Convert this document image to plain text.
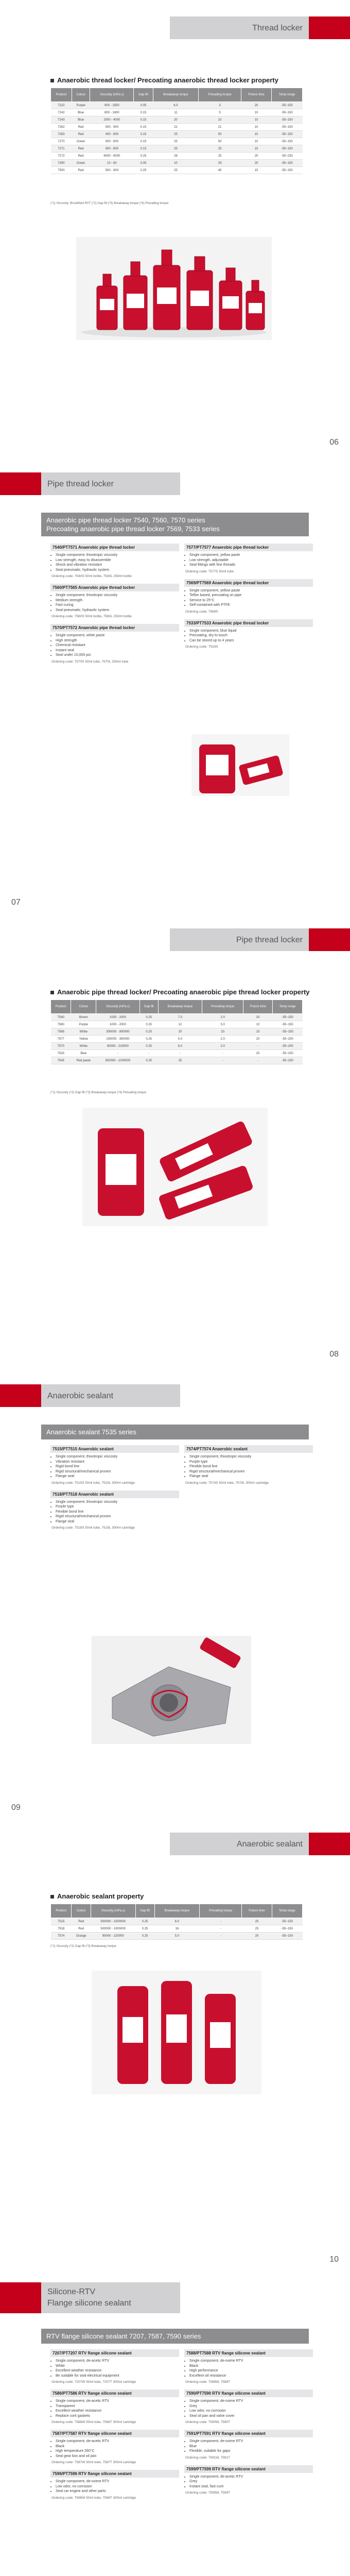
Thread locker
Anaerobic thread locker/ Precoating anaerobic thread locker property
Product	Colour	Viscosity (mPa.s)	Gap fill	Breakaway torque	Prevailing torque	Fixture time	Temp range
7222	Purple	900 - 1500	0.05	6.0	3	20	-55~150
7242	Blue	800 - 1600	0.15	11	5	10	-55~150
7243	Blue	2000 - 4000	0.15	20	10	10	-55~150
7262	Red	500 - 900	0.15	22	21	10	-55~150
7263	Red	400 - 600	0.15	25	50	10	-55~150
7270	Green	500 - 800	0.15	25	50	10	-55~150
7271	Red	500 - 800	0.13	25	25	10	-55~150
7272	Red	6000 - 8000	0.25	26	25	20	-55~230
7290	Green	10 - 60	0.05	10	29	20	-55~150
7500	Red	500 - 900	0.25	25	45	15	-55~150
(*1) Viscosity: Brookfield RVT (*2) Gap fill (*3) Breakaway torque (*4) Prevailing torque
06
Pipe thread locker
Anaerobic pipe thread locker 7540, 7560, 7570 series
Precoating anaerobic pipe thread locker 7569, 7533 series
7540/PT7571 Anaerobic pipe thread locker
• Single component, thixotropic viscosity
• Low strength, easy to disassemble
• Shock and vibration resistant
• Seal pneumatic, hydraulic system
Ordering code: 7540S 50ml bottle, 7540L 250ml bottle
7560/PT7565 Anaerobic pipe thread locker
• Single component, thixotropic viscosity
• Medium strength
• Fast curing
• Seal pneumatic, hydraulic system
Ordering code: 7560S 50ml bottle, 7560L 250ml bottle
7570/PT7572 Anaerobic pipe thread locker
• Single component, white paste
• High strength
• Chemical resistant
• Instant seal
• Seal under 10,000 psi
Ordering code: 7570S 50ml tube, 7570L 250ml tube
7577/PT7577 Anaerobic pipe thread locker
• Single component, yellow paste
• Low strength, adjustable
• Seal fittings with fine threads
Ordering code: 7577S 50ml tube
7569/PT7569 Anaerobic pipe thread locker
• Single component, yellow paste
• Teflon based, precoating on pipe
• Service to 25°C
• Self-contained with PTFE
Ordering code: 7569S
7533/PT7533 Anaerobic pipe thread locker
• Single component, blue liquid
• Precoating, dry to touch
• Can be stored up to 4 years
Ordering code: 7533S
07
Pipe thread locker
Anaerobic pipe thread locker/ Precoating anaerobic pipe thread locker property
Product	Colour	Viscosity (mPa.s)	Gap fill	Breakaway torque	Prevailing torque	Fixture time	Temp range
7540	Brown	1000 - 2000	0.25	7.0	2.0	20	-55~150
7560	Purple	1000 - 2000	0.25	12	5.0	10	-55~150
7569	White	300000 - 900000	0.25	20	20	15	-55~150
7577	Yellow	150000 - 350000	0.25	5.0	2.0	20	-55~200
7570	White	90000 - 220000	0.25	6.0	2.0	-	-55~200
7533	Blue	-	-	-	-	20	-55~150
7545	Red paste	500000 - 1000000	0.25	25	-	-	-55~150
(*1) Viscosity (*2) Gap fill (*3) Breakaway torque (*4) Prevailing torque
08
Anaerobic sealant
Anaerobic sealant 7535 series
7515/PT7515 Anaerobic sealant
• Single component, thixotropic viscosity
• Vibration resistant
• Rigid bond line
• Rigid structural/mechanical proven
• Flange seal
Ordering code: 7515S 50ml tube, 7515L 300ml cartridge
7518/PT7518 Anaerobic sealant
• Single component, thixotropic viscosity
• Purple type
• Flexible bond line
• Rigid structural/mechanical proven
• Flange seal
Ordering code: 7518S 50ml tube, 7518L 300ml cartridge
7574/PT7574 Anaerobic sealant
• Single component, thixotropic viscosity
• Purple type
• Flexible bond line
• Rigid structural/mechanical proven
• Flange seal
Ordering code: 7574S 50ml tube, 7574L 300ml cartridge
09
Anaerobic sealant
Anaerobic sealant property
Product	Colour	Viscosity (mPa.s)	Gap fill	Breakaway torque	Prevailing torque	Fixture time	Temp range
7515	Red	500000 - 1000000	0.25	6.0	-	25	-55~150
7518	Red	500000 - 1000000	0.25	16	-	25	-55~150
7574	Orange	90000 - 220000	0.25	5.0	-	20	-55~150
(*1) Viscosity (*2) Gap fill (*3) Breakaway torque
10
Silicone-RTV
Flange silicone sealant
RTV flange silicone sealant 7207, 7587, 7590 series
7207/PT7207 RTV flange silicone sealant
• Single component, de-acetic RTV
• White
• Excellent weather resistance
• Be suitable for seal electrical equipment
Ordering code: 7207W 50ml tube, 7207T 300ml cartridge
7586/PT7586 RTV flange silicone sealant
• Single component, de-acetic RTV
• Transparent
• Excellent weather resistance
• Replace cork gaskets
Ordering code: 7586W 50ml tube, 7586T 300ml cartridge
7587/PT7587 RTV flange silicone sealant
• Single component, de-acetic RTV
• Black
• High temperature 260°C
• Seal gear box and oil pan
Ordering code: 7587W 50ml tube, 7587T 300ml cartridge
7596/PT7596 RTV flange silicone sealant
• Single component, de-oxime RTV
• Low odor, no corrosion
• Seal car engine and other parts
Ordering code: 7596W 50ml tube, 7596T 300ml cartridge
7588/PT7588 RTV flange silicone sealant
• Single component, de-oxime RTV
• Black
• High performance
• Excellent oil resistance
Ordering code: 7588W, 7588T
7590/PT7590 RTV flange silicone sealant
• Single component, de-oxime RTV
• Grey
• Low odor, no corrosion
• Seal oil pan and valve cover
Ordering code: 7590W, 7590T
7591/PT7591 RTV flange silicone sealant
• Single component, de-oxime RTV
• Blue
• Flexible, suitable for gaps
Ordering code: 7591W, 7591T
7599/PT7599 RTV flange silicone sealant
• Single component, de-acetic RTV
• Grey
• Instant seal, fast cure
Ordering code: 7599W, 7599T
